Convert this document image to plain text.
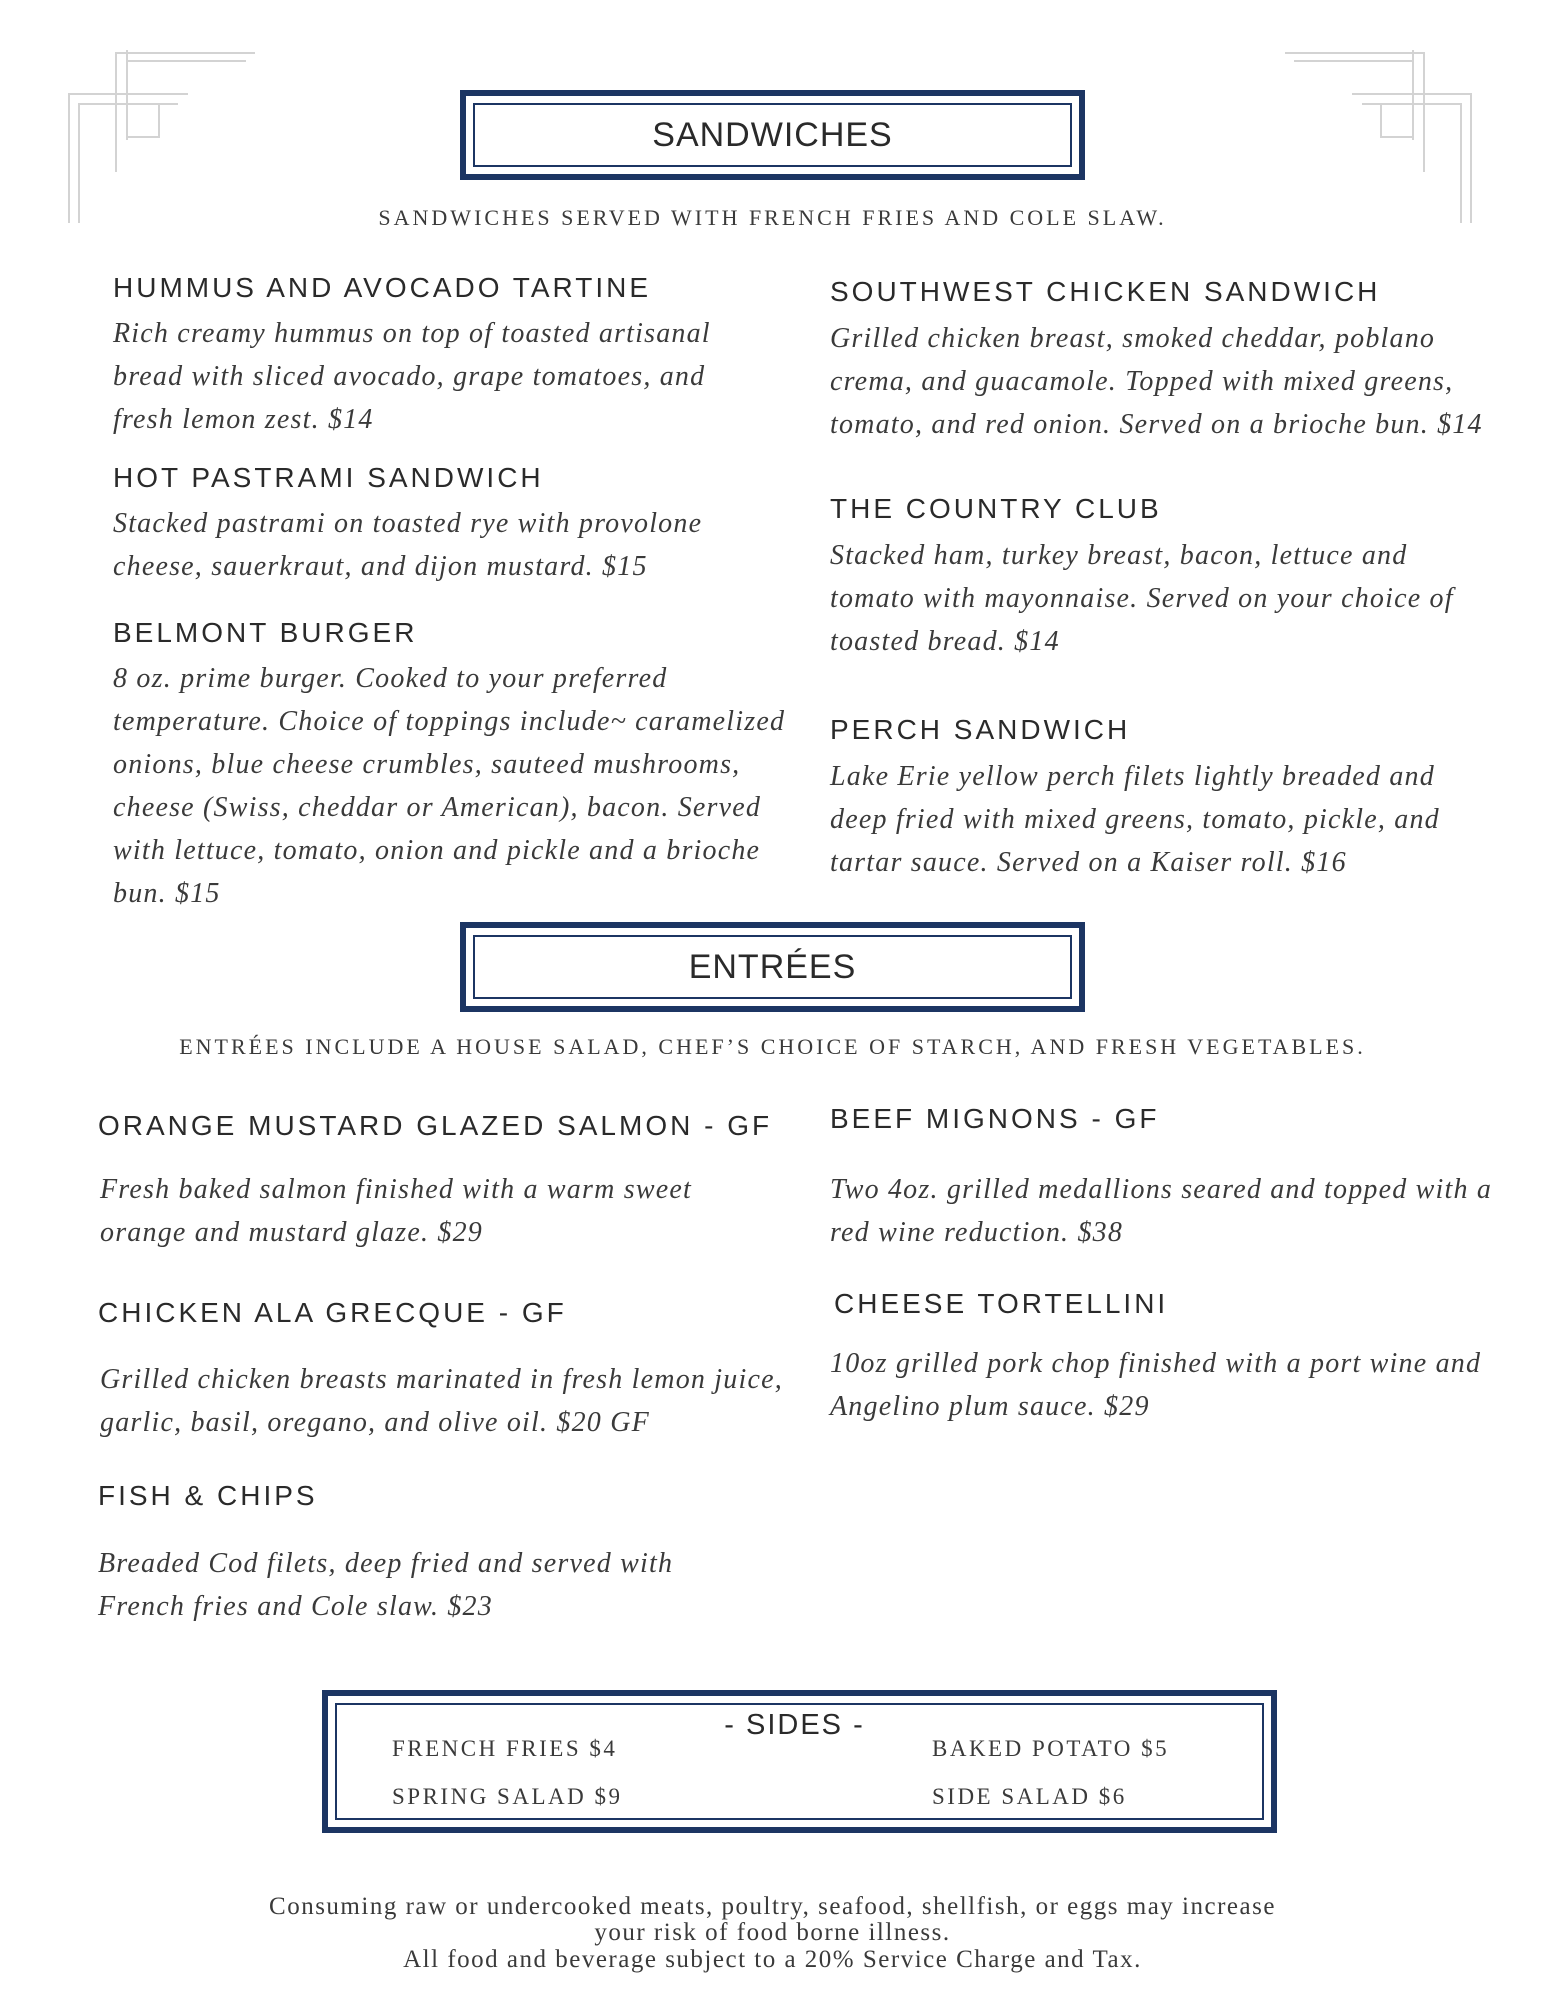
SANDWICHES
SANDWICHES SERVED WITH FRENCH FRIES AND COLE SLAW.
HUMMUS AND AVOCADO TARTINE
Rich creamy hummus on top of toasted artisanal bread with sliced avocado, grape tomatoes, and fresh lemon zest. $14
HOT PASTRAMI SANDWICH
Stacked pastrami on toasted rye with provolone cheese, sauerkraut, and dijon mustard. $15
BELMONT BURGER
8 oz. prime burger. Cooked to your preferred temperature. Choice of toppings include~ caramelized onions, blue cheese crumbles, sauteed mushrooms, cheese (Swiss, cheddar or American), bacon. Served with lettuce, tomato, onion and pickle and a brioche bun. $15
SOUTHWEST CHICKEN SANDWICH
Grilled chicken breast, smoked cheddar, poblano crema, and guacamole. Topped with mixed greens, tomato, and red onion. Served on a brioche bun. $14
THE COUNTRY CLUB
Stacked ham, turkey breast, bacon, lettuce and tomato with mayonnaise. Served on your choice of toasted bread. $14
PERCH SANDWICH
Lake Erie yellow perch filets lightly breaded and deep fried with mixed greens, tomato, pickle, and tartar sauce. Served on a Kaiser roll. $16
ENTRÉES
ENTRÉES INCLUDE A HOUSE SALAD, CHEF’S CHOICE OF STARCH, AND FRESH VEGETABLES.
ORANGE MUSTARD GLAZED SALMON - GF
Fresh baked salmon finished with a warm sweet orange and mustard glaze. $29
CHICKEN ALA GRECQUE - GF
Grilled chicken breasts marinated in fresh lemon juice, garlic, basil, oregano, and olive oil. $20 GF
FISH & CHIPS
Breaded Cod filets, deep fried and served with French fries and Cole slaw. $23
BEEF MIGNONS - GF
Two 4oz. grilled medallions seared and topped with a red wine reduction. $38
CHEESE TORTELLINI
10oz grilled pork chop finished with a port wine and Angelino plum sauce. $29
- SIDES -
FRENCH FRIES $4
SPRING SALAD $9
BAKED POTATO $5
SIDE SALAD $6
Consuming raw or undercooked meats, poultry, seafood, shellfish, or eggs may increase
your risk of food borne illness.
All food and beverage subject to a 20% Service Charge and Tax.
